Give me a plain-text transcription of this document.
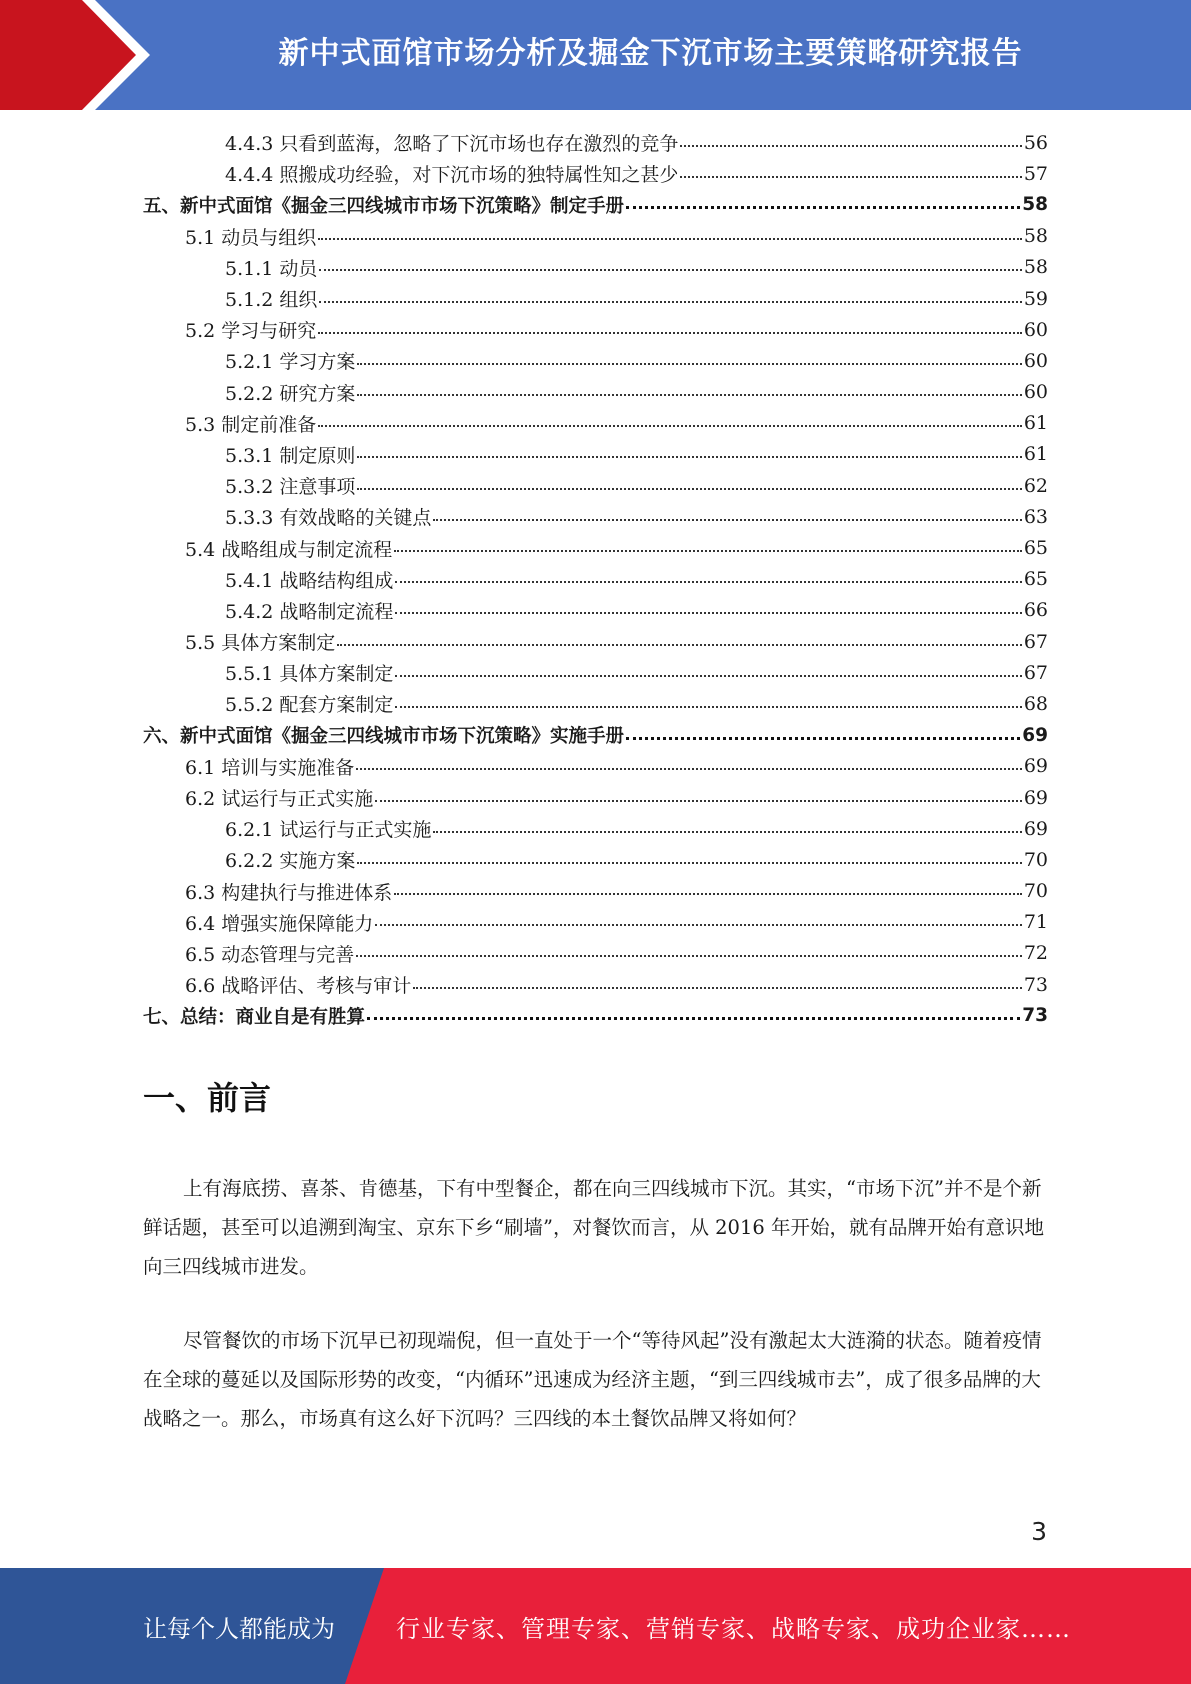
新中式面馆市场分析及掘金下沉市场主要策略研究报告
4.4.3 只看到蓝海，忽略了下沉市场也存在激烈的竞争	56
4.4.4 照搬成功经验，对下沉市场的独特属性知之甚少	57
五、新中式面馆《掘金三四线城市市场下沉策略》制定手册	58
5.1 动员与组织	58
5.1.1 动员	58
5.1.2 组织	59
5.2 学习与研究	60
5.2.1 学习方案	60
5.2.2 研究方案	60
5.3 制定前准备	61
5.3.1 制定原则	61
5.3.2 注意事项	62
5.3.3 有效战略的关键点	63
5.4 战略组成与制定流程	65
5.4.1 战略结构组成	65
5.4.2 战略制定流程	66
5.5 具体方案制定	67
5.5.1 具体方案制定	67
5.5.2 配套方案制定	68
六、新中式面馆《掘金三四线城市市场下沉策略》实施手册	69
6.1 培训与实施准备	69
6.2 试运行与正式实施	69
6.2.1 试运行与正式实施	69
6.2.2 实施方案	70
6.3 构建执行与推进体系	70
6.4 增强实施保障能力	71
6.5 动态管理与完善	72
6.6 战略评估、考核与审计	73
七、总结：商业自是有胜算	73
一、前言
上有海底捞、喜茶、肯德基，下有中型餐企，都在向三四线城市下沉。其实，“市场下沉”并不是个新鲜话题，甚至可以追溯到淘宝、京东下乡“刷墙”，对餐饮而言，从 2016 年开始，就有品牌开始有意识地向三四线城市进发。
尽管餐饮的市场下沉早已初现端倪，但一直处于一个“等待风起”没有激起太大涟漪的状态。随着疫情在全球的蔓延以及国际形势的改变，“内循环”迅速成为经济主题，“到三四线城市去”，成了很多品牌的大战略之一。那么，市场真有这么好下沉吗？三四线的本土餐饮品牌又将如何？
3
让每个人都能成为	行业专家、管理专家、营销专家、战略专家、成功企业家……
